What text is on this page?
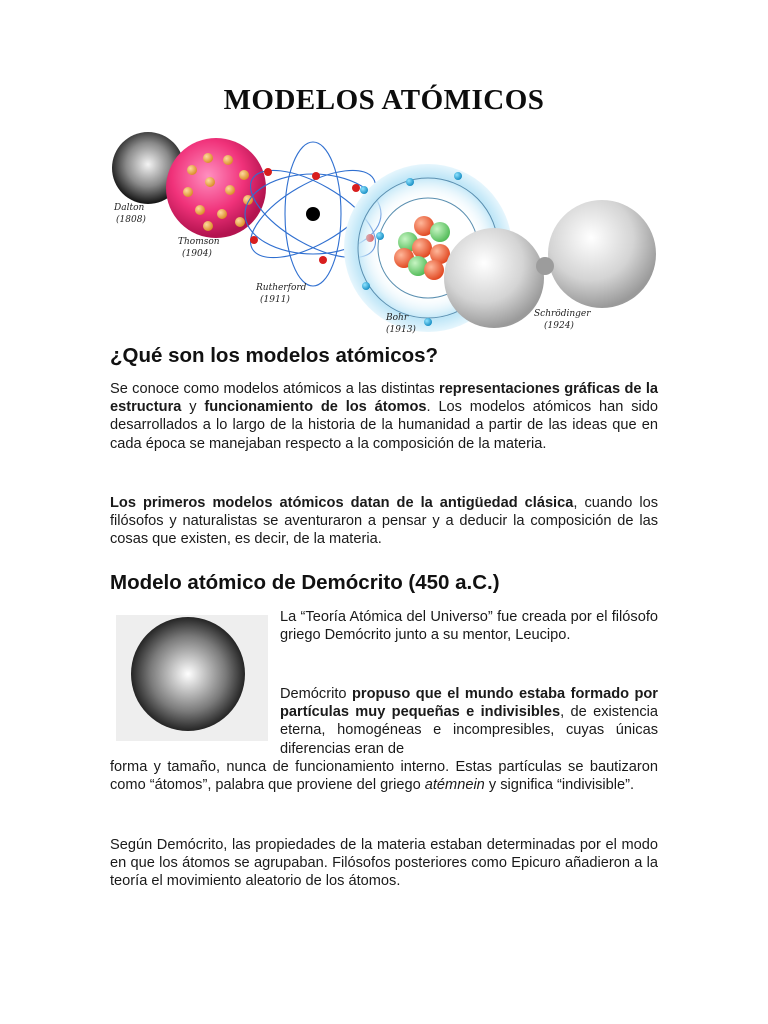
MODELOS ATÓMICOS
Dalton
(1808)
Thomson
(1904)
Rutherford
(1911)
Bohr
(1913)
Schrödinger
(1924)
¿Qué son los modelos atómicos?

Se conoce como modelos atómicos a las distintas representaciones gráficas de la estructura y funcionamiento de los átomos. Los modelos atómicos han sido desarrollados a lo largo de la historia de la humanidad a partir de las ideas que en cada época se manejaban respecto a la composición de la materia.

Los primeros modelos atómicos datan de la antigüedad clásica, cuando los filósofos y naturalistas se aventuraron a pensar y a deducir la composición de las cosas que existen, es decir, de la materia.

Modelo atómico de Demócrito (450 a.C.)

La “Teoría Atómica del Universo” fue creada por el filósofo griego Demócrito junto a su mentor, Leucipo.

Demócrito propuso que el mundo estaba formado por partículas muy pequeñas e indivisibles, de existencia eterna, homogéneas e incompresibles, cuyas únicas diferencias eran de

forma y tamaño, nunca de funcionamiento interno. Estas partículas se bautizaron como “átomos”, palabra que proviene del griego atémnein y significa “indivisible”.

Según Demócrito, las propiedades de la materia estaban determinadas por el modo en que los átomos se agrupaban. Filósofos posteriores como Epicuro añadieron a la teoría el movimiento aleatorio de los átomos.
